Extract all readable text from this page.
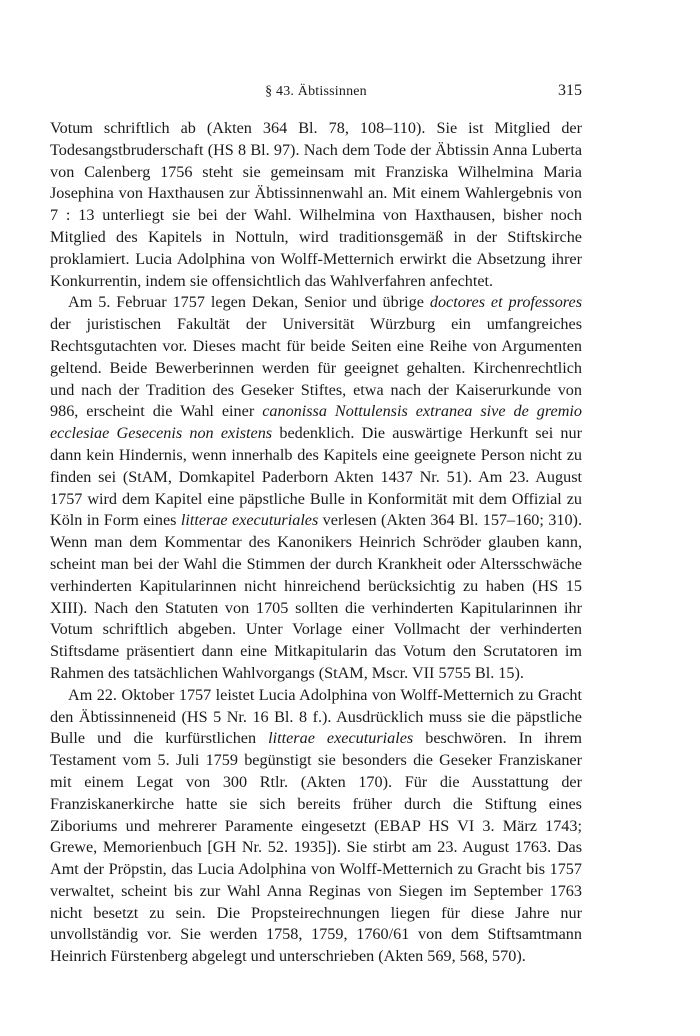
§ 43. Äbtissinnen	315

Votum schriftlich ab (Akten 364 Bl. 78, 108–110). Sie ist Mitglied der Todesangstbruderschaft (HS 8 Bl. 97). Nach dem Tode der Äbtissin Anna Luberta von Calenberg 1756 steht sie gemeinsam mit Franziska Wilhelmina Maria Josephina von Haxthausen zur Äbtissinnenwahl an. Mit einem Wahlergebnis von 7 : 13 unterliegt sie bei der Wahl. Wilhelmina von Haxthausen, bisher noch Mitglied des Kapitels in Nottuln, wird traditionsgemäß in der Stiftskirche proklamiert. Lucia Adolphina von Wolff-Metternich erwirkt die Absetzung ihrer Konkurrentin, indem sie offensichtlich das Wahlverfahren anfechtet.

Am 5. Februar 1757 legen Dekan, Senior und übrige doctores et professores der juristischen Fakultät der Universität Würzburg ein umfangreiches Rechtsgutachten vor. Dieses macht für beide Seiten eine Reihe von Argumenten geltend. Beide Bewerberinnen werden für geeignet gehalten. Kirchenrechtlich und nach der Tradition des Geseker Stiftes, etwa nach der Kaiserurkunde von 986, erscheint die Wahl einer canonissa Nottulensis extranea sive de gremio ecclesiae Gesecenis non existens bedenklich. Die auswärtige Herkunft sei nur dann kein Hindernis, wenn innerhalb des Kapitels eine geeignete Person nicht zu finden sei (StAM, Domkapitel Paderborn Akten 1437 Nr. 51). Am 23. August 1757 wird dem Kapitel eine päpstliche Bulle in Konformität mit dem Offizial zu Köln in Form eines litterae executuriales verlesen (Akten 364 Bl. 157–160; 310). Wenn man dem Kommentar des Kanonikers Heinrich Schröder glauben kann, scheint man bei der Wahl die Stimmen der durch Krankheit oder Altersschwäche verhinderten Kapitularinnen nicht hinreichend berücksichtig zu haben (HS 15 XIII). Nach den Statuten von 1705 sollten die verhinderten Kapitularinnen ihr Votum schriftlich abgeben. Unter Vorlage einer Vollmacht der verhinderten Stiftsdame präsentiert dann eine Mitkapitularin das Votum den Scrutatoren im Rahmen des tatsächlichen Wahlvorgangs (StAM, Mscr. VII 5755 Bl. 15).

Am 22. Oktober 1757 leistet Lucia Adolphina von Wolff-Metternich zu Gracht den Äbtissinneneid (HS 5 Nr. 16 Bl. 8 f.). Ausdrücklich muss sie die päpstliche Bulle und die kurfürstlichen litterae executuriales beschwören. In ihrem Testament vom 5. Juli 1759 begünstigt sie besonders die Geseker Franziskaner mit einem Legat von 300 Rtlr. (Akten 170). Für die Ausstattung der Franziskanerkirche hatte sie sich bereits früher durch die Stiftung eines Ziboriums und mehrerer Paramente eingesetzt (EBAP HS VI 3. März 1743; Grewe, Memorienbuch [GH Nr. 52. 1935]). Sie stirbt am 23. August 1763. Das Amt der Pröpstin, das Lucia Adolphina von Wolff-Metternich zu Gracht bis 1757 verwaltet, scheint bis zur Wahl Anna Reginas von Siegen im September 1763 nicht besetzt zu sein. Die Propsteirechnungen liegen für diese Jahre nur unvollständig vor. Sie werden 1758, 1759, 1760/61 von dem Stiftsamtmann Heinrich Fürstenberg abgelegt und unterschrieben (Akten 569, 568, 570).
